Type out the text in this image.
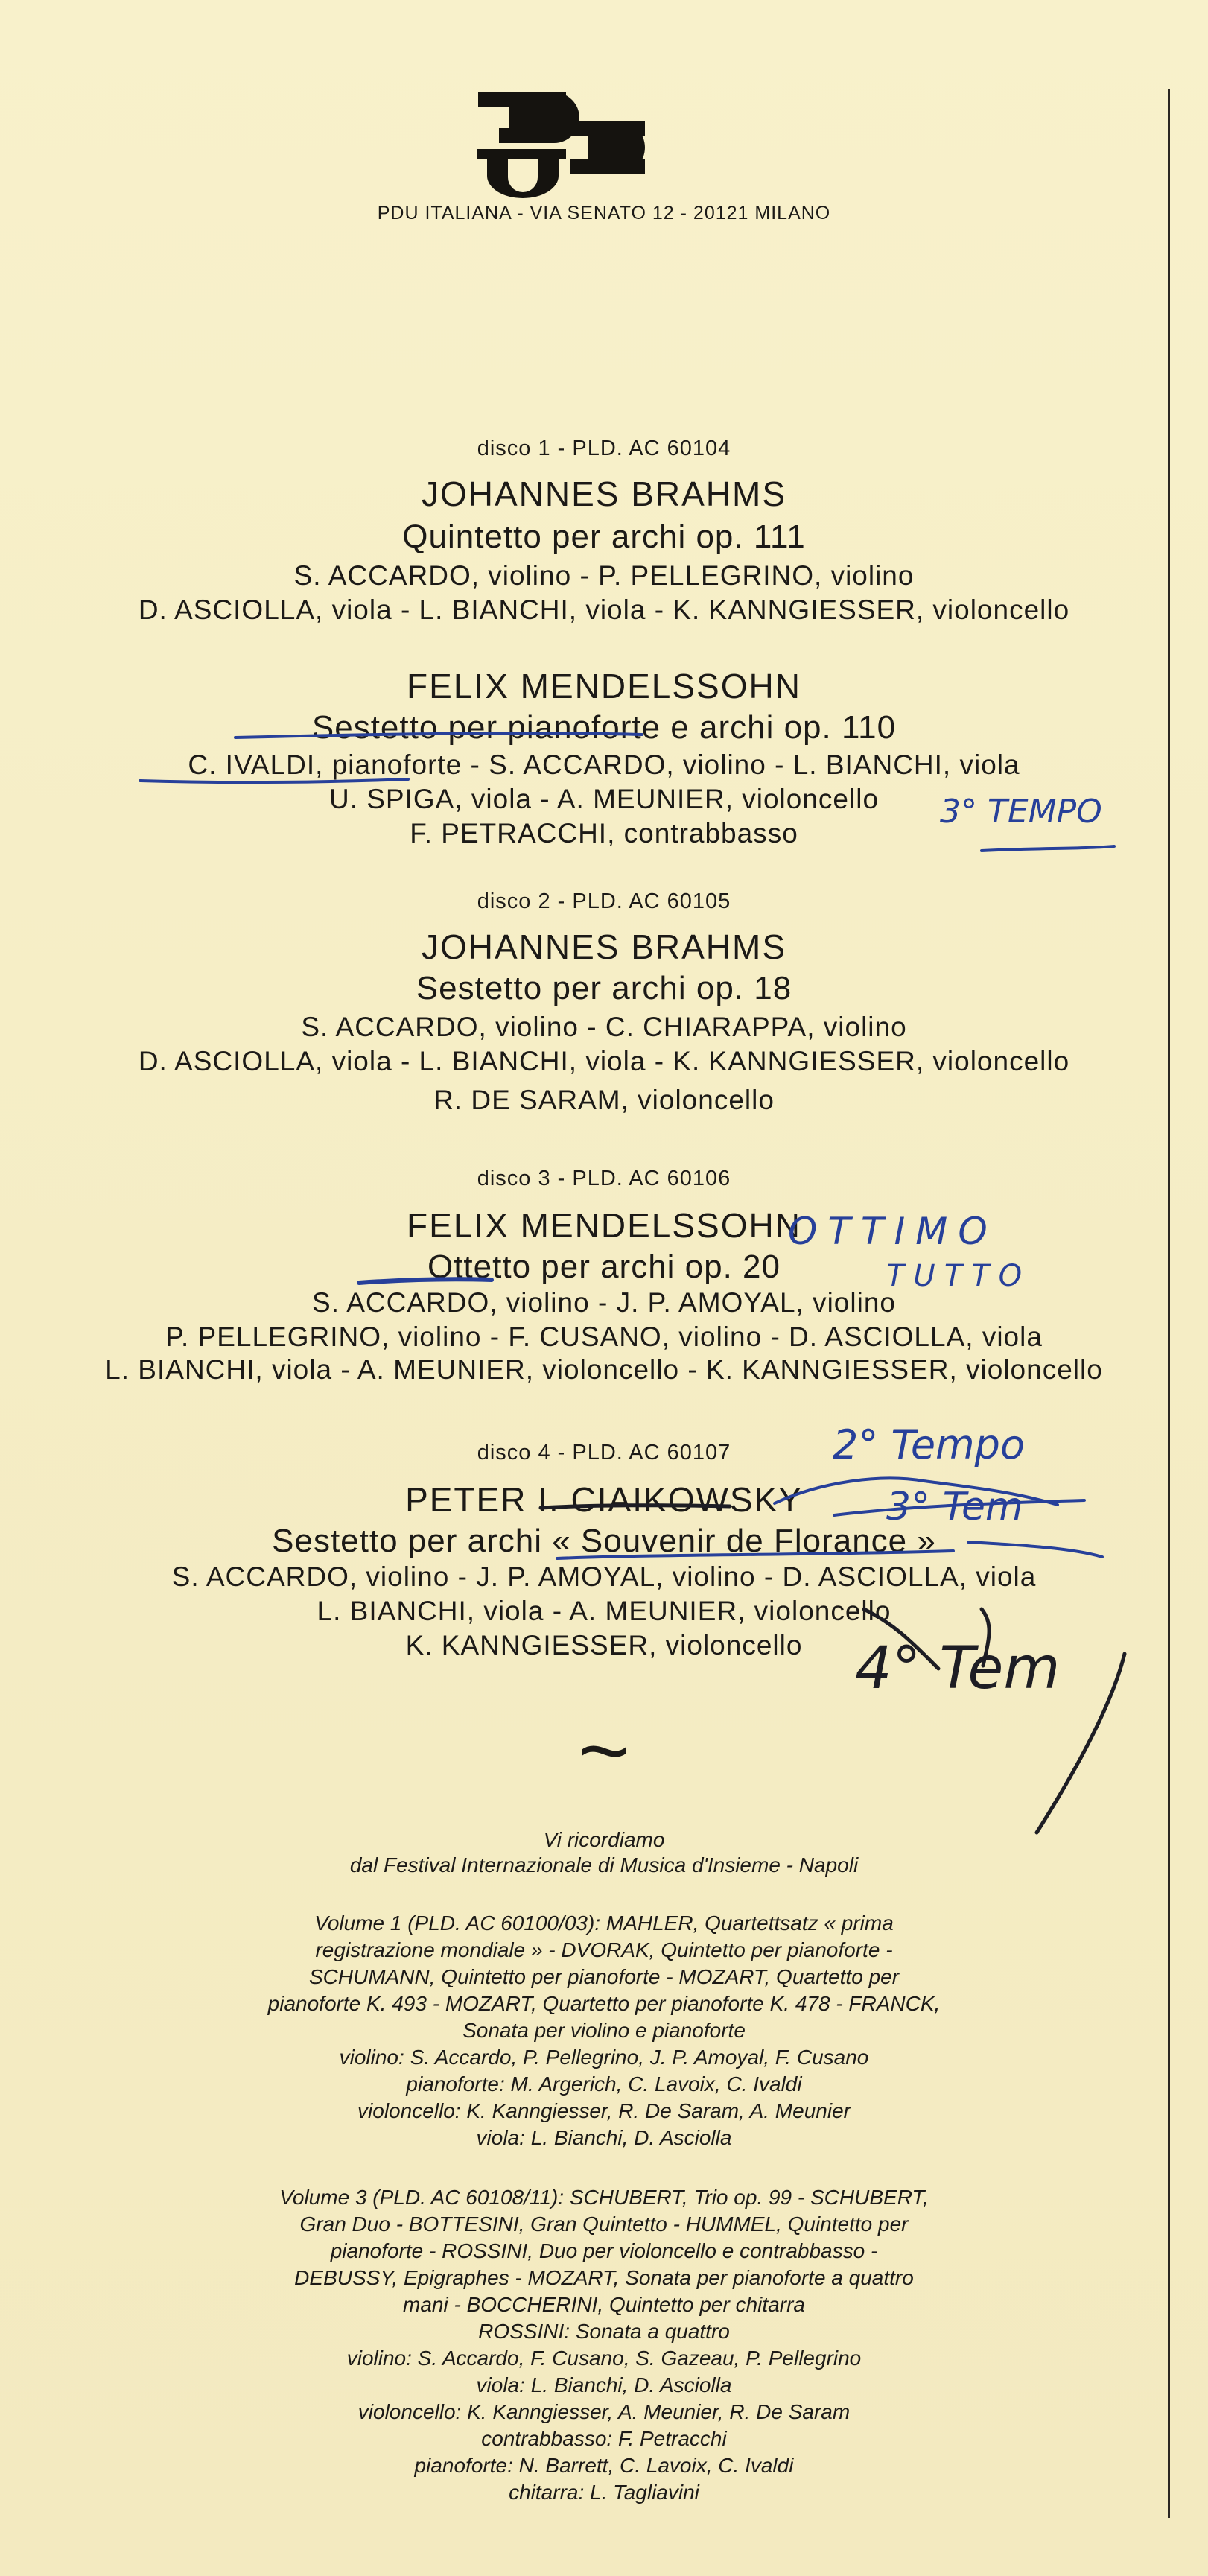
PDU ITALIANA - VIA SENATO 12 - 20121 MILANO
disco 1 - PLD. AC 60104
JOHANNES BRAHMS
Quintetto per archi op. 111
S. ACCARDO, violino - P. PELLEGRINO, violino
D. ASCIOLLA, viola - L. BIANCHI, viola - K. KANNGIESSER, violoncello
FELIX MENDELSSOHN
Sestetto per pianoforte e archi op. 110
C. IVALDI, pianoforte - S. ACCARDO, violino - L. BIANCHI, viola
U. SPIGA, viola - A. MEUNIER, violoncello
F. PETRACCHI, contrabbasso
disco 2 - PLD. AC 60105
JOHANNES BRAHMS
Sestetto per archi op. 18
S. ACCARDO, violino - C. CHIARAPPA, violino
D. ASCIOLLA, viola - L. BIANCHI, viola - K. KANNGIESSER, violoncello
R. DE SARAM, violoncello
disco 3 - PLD. AC 60106
FELIX MENDELSSOHN
Ottetto per archi op. 20
S. ACCARDO, violino - J. P. AMOYAL, violino
P. PELLEGRINO, violino - F. CUSANO, violino - D. ASCIOLLA, viola
L. BIANCHI, viola - A. MEUNIER, violoncello - K. KANNGIESSER, violoncello
disco 4 - PLD. AC 60107
PETER I. CIAIKOWSKY
Sestetto per archi « Souvenir de Florance »
S. ACCARDO, violino - J. P. AMOYAL, violino - D. ASCIOLLA, viola
L. BIANCHI, viola - A. MEUNIER, violoncello
K. KANNGIESSER, violoncello
~
Vi ricordiamo
dal Festival Internazionale di Musica d'Insieme - Napoli
Volume 1 (PLD. AC 60100/03): MAHLER, Quartettsatz « prima
registrazione mondiale » - DVORAK, Quintetto per pianoforte -
SCHUMANN, Quintetto per pianoforte - MOZART, Quartetto per
pianoforte K. 493 - MOZART, Quartetto per pianoforte K. 478 - FRANCK,
Sonata per violino e pianoforte
violino: S. Accardo, P. Pellegrino, J. P. Amoyal, F. Cusano
pianoforte: M. Argerich, C. Lavoix, C. Ivaldi
violoncello: K. Kanngiesser, R. De Saram, A. Meunier
viola: L. Bianchi, D. Asciolla
Volume 3 (PLD. AC 60108/11): SCHUBERT, Trio op. 99 - SCHUBERT,
Gran Duo - BOTTESINI, Gran Quintetto - HUMMEL, Quintetto per
pianoforte - ROSSINI, Duo per violoncello e contrabbasso -
DEBUSSY, Epigraphes - MOZART, Sonata per pianoforte a quattro
mani - BOCCHERINI, Quintetto per chitarra
ROSSINI: Sonata a quattro
violino: S. Accardo, F. Cusano, S. Gazeau, P. Pellegrino
viola: L. Bianchi, D. Asciolla
violoncello: K. Kanngiesser, A. Meunier, R. De Saram
contrabbasso: F. Petracchi
pianoforte: N. Barrett, C. Lavoix, C. Ivaldi
chitarra: L. Tagliavini
3° TEMPO
OTTIMO
TUTTO
2° Tempo
3° Tem
4° Tem
